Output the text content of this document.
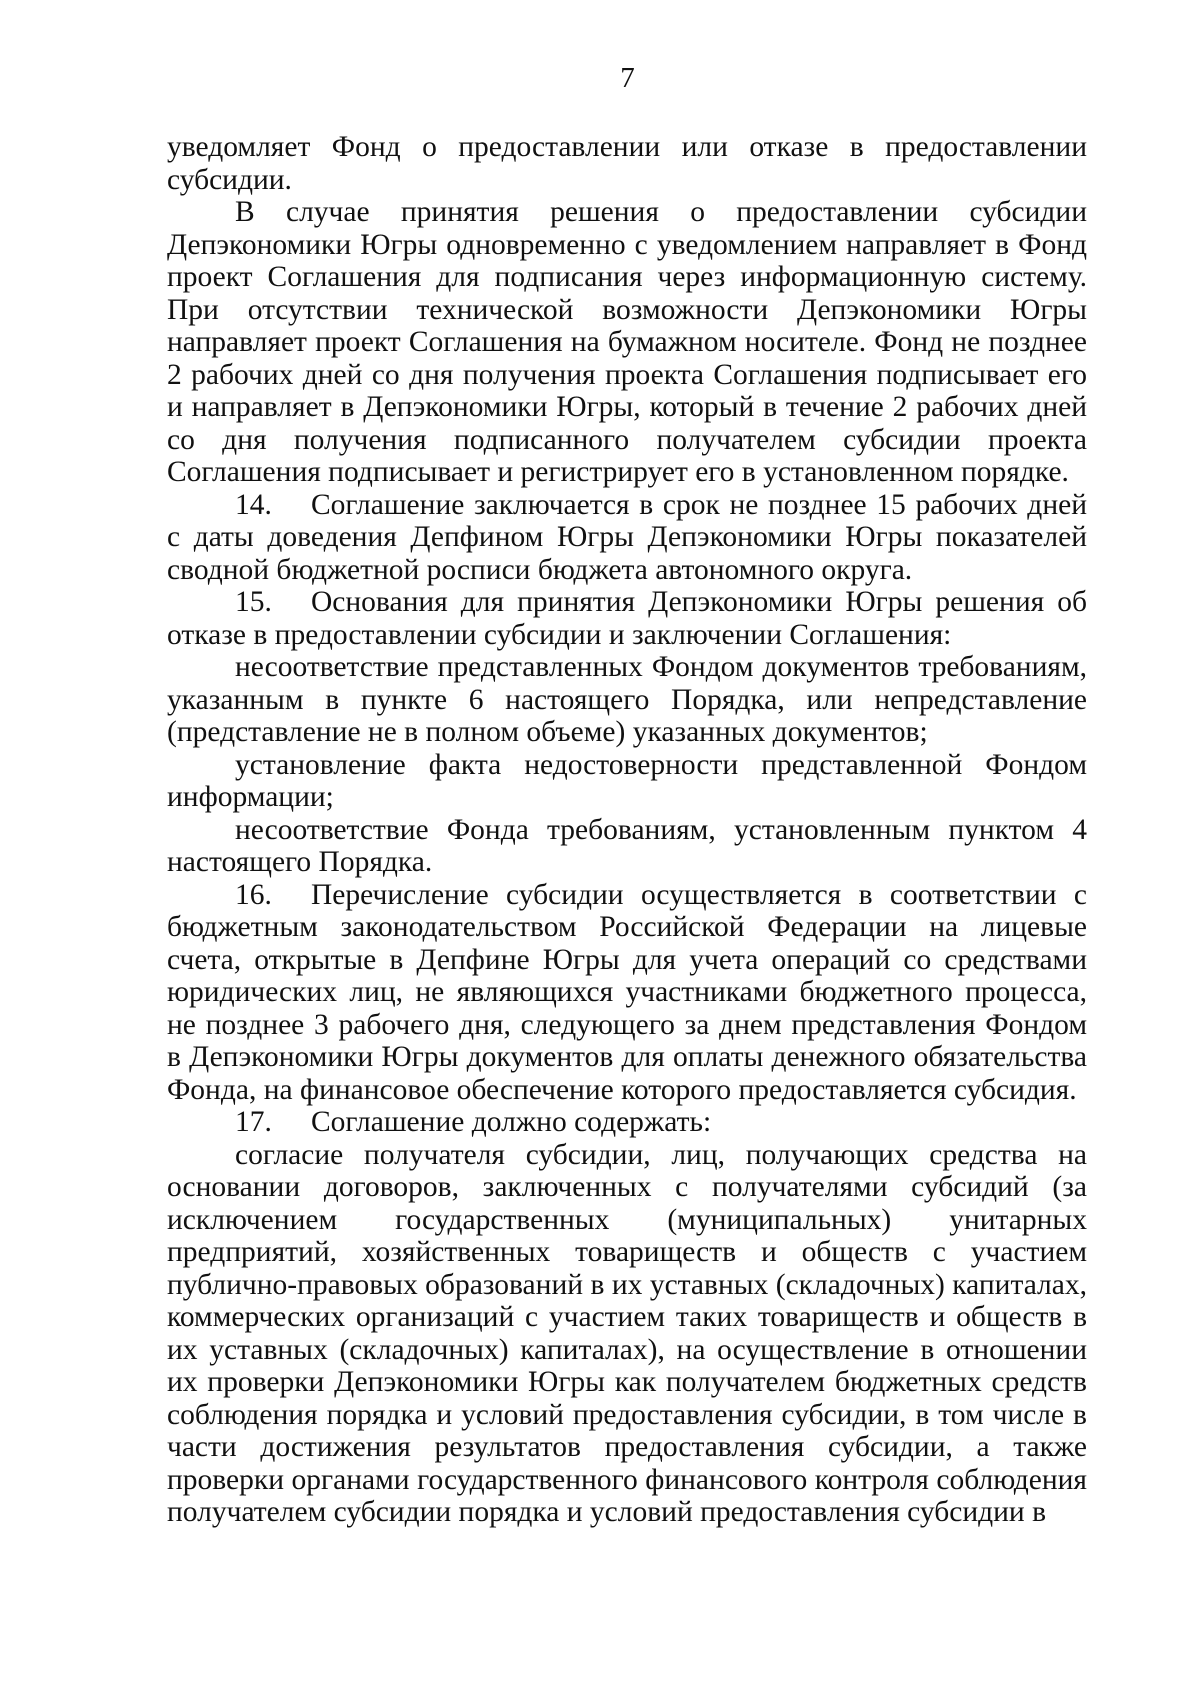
7

уведомляет Фонд о предоставлении или отказе в предоставлении субсидии.

В случае принятия решения о предоставлении субсидии Депэкономики Югры одновременно с уведомлением направляет в Фонд проект Соглашения для подписания через информационную систему. При отсутствии технической возможности Депэкономики Югры направляет проект Соглашения на бумажном носителе. Фонд не позднее 2 рабочих дней со дня получения проекта Соглашения подписывает его и направляет в Депэкономики Югры, который в течение 2 рабочих дней со дня получения подписанного получателем субсидии проекта Соглашения подписывает и регистрирует его в установленном порядке.

14. Соглашение заключается в срок не позднее 15 рабочих дней с даты доведения Депфином Югры Депэкономики Югры показателей сводной бюджетной росписи бюджета автономного округа.

15. Основания для принятия Депэкономики Югры решения об отказе в предоставлении субсидии и заключении Соглашения:

несоответствие представленных Фондом документов требованиям, указанным в пункте 6 настоящего Порядка, или непредставление (представление не в полном объеме) указанных документов;

установление факта недостоверности представленной Фондом информации;

несоответствие Фонда требованиям, установленным пунктом 4 настоящего Порядка.

16. Перечисление субсидии осуществляется в соответствии с бюджетным законодательством Российской Федерации на лицевые счета, открытые в Депфине Югры для учета операций со средствами юридических лиц, не являющихся участниками бюджетного процесса, не позднее 3 рабочего дня, следующего за днем представления Фондом в Депэкономики Югры документов для оплаты денежного обязательства Фонда, на финансовое обеспечение которого предоставляется субсидия.

17. Соглашение должно содержать:

согласие получателя субсидии, лиц, получающих средства на основании договоров, заключенных с получателями субсидий (за исключением государственных (муниципальных) унитарных предприятий, хозяйственных товариществ и обществ с участием публично-правовых образований в их уставных (складочных) капиталах, коммерческих организаций с участием таких товариществ и обществ в их уставных (складочных) капиталах), на осуществление в отношении их проверки Депэкономики Югры как получателем бюджетных средств соблюдения порядка и условий предоставления субсидии, в том числе в части достижения результатов предоставления субсидии, а также проверки органами государственного финансового контроля соблюдения получателем субсидии порядка и условий предоставления субсидии в
